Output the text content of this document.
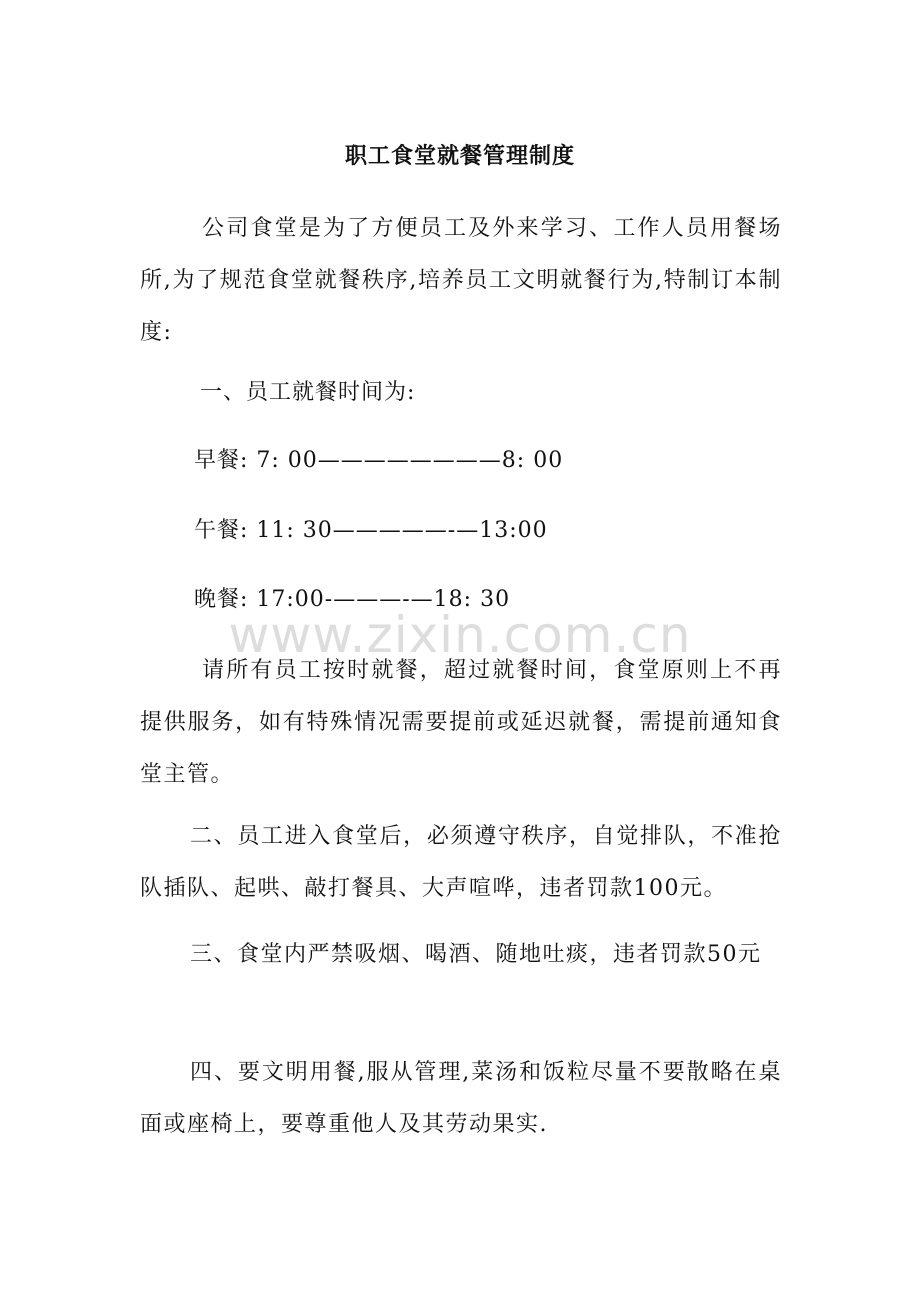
职工食堂就餐管理制度
公司食堂是为了方便员工及外来学习、工作人员用餐场所,为了规范食堂就餐秩序,培养员工文明就餐行为,特制订本制度:
一、员工就餐时间为:
早餐: 7: 00————————8: 00
午餐: 11: 30—————-—13:00
晚餐: 17:00-———-—18: 30
www.zixin.com.cn
请所有员工按时就餐，超过就餐时间，食堂原则上不再提供服务，如有特殊情况需要提前或延迟就餐，需提前通知食堂主管。
二、员工进入食堂后，必须遵守秩序，自觉排队，不准抢队插队、起哄、敲打餐具、大声喧哗，违者罚款100元。
三、食堂内严禁吸烟、喝酒、随地吐痰，违者罚款50元
四、要文明用餐,服从管理,菜汤和饭粒尽量不要散略在桌面或座椅上，要尊重他人及其劳动果实.
